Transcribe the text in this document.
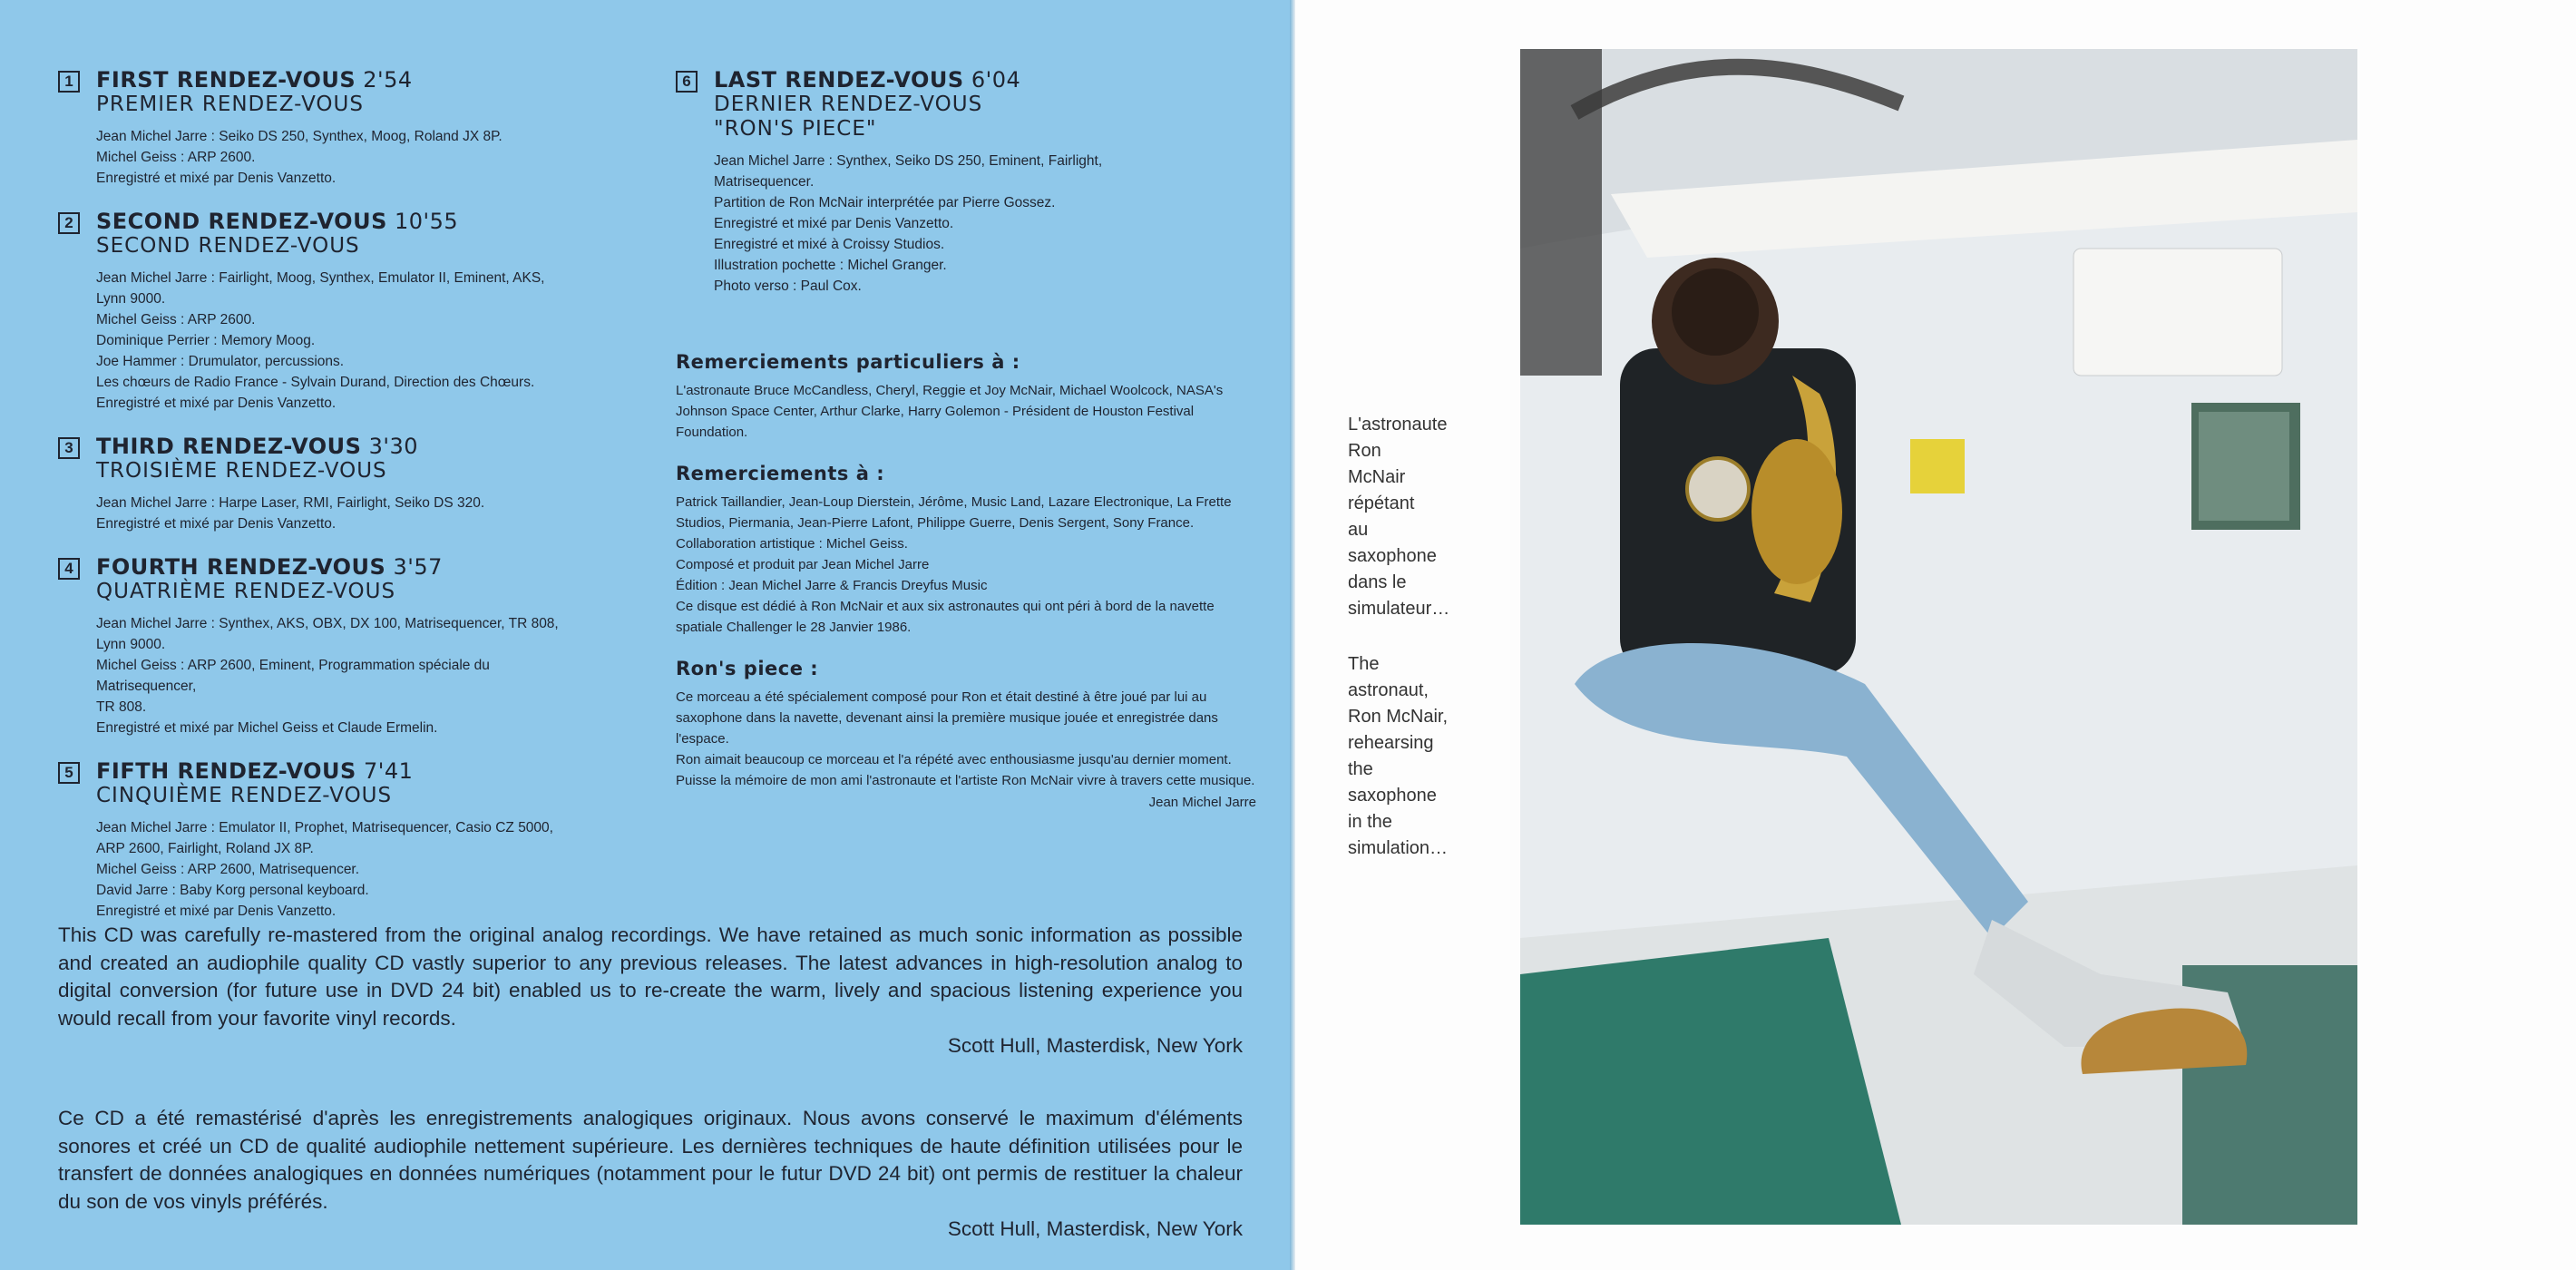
1	FIRST RENDEZ-VOUS 2'54
PREMIER RENDEZ-VOUS
Jean Michel Jarre : Seiko DS 250, Synthex, Moog, Roland JX 8P.
Michel Geiss : ARP 2600.
Enregistré et mixé par Denis Vanzetto.
2	SECOND RENDEZ-VOUS 10'55
SECOND RENDEZ-VOUS
Jean Michel Jarre : Fairlight, Moog, Synthex, Emulator II, Eminent, AKS,
Lynn 9000.
Michel Geiss : ARP 2600.
Dominique Perrier : Memory Moog.
Joe Hammer : Drumulator, percussions.
Les chœurs de Radio France - Sylvain Durand, Direction des Chœurs.
Enregistré et mixé par Denis Vanzetto.
3	THIRD RENDEZ-VOUS 3'30
TROISIÈME RENDEZ-VOUS
Jean Michel Jarre : Harpe Laser, RMI, Fairlight, Seiko DS 320.
Enregistré et mixé par Denis Vanzetto.
4	FOURTH RENDEZ-VOUS 3'57
QUATRIÈME RENDEZ-VOUS
Jean Michel Jarre : Synthex, AKS, OBX, DX 100, Matrisequencer, TR 808,
Lynn 9000.
Michel Geiss : ARP 2600, Eminent, Programmation spéciale du
Matrisequencer,
TR 808.
Enregistré et mixé par Michel Geiss et Claude Ermelin.
5	FIFTH RENDEZ-VOUS 7'41
CINQUIÈME RENDEZ-VOUS
Jean Michel Jarre : Emulator II, Prophet, Matrisequencer, Casio CZ 5000,
ARP 2600, Fairlight, Roland JX 8P.
Michel Geiss : ARP 2600, Matrisequencer.
David Jarre : Baby Korg personal keyboard.
Enregistré et mixé par Denis Vanzetto.
6	LAST RENDEZ-VOUS 6'04
DERNIER RENDEZ-VOUS
"RON'S PIECE"
Jean Michel Jarre : Synthex, Seiko DS 250, Eminent, Fairlight,
Matrisequencer.
Partition de Ron McNair interprétée par Pierre Gossez.
Enregistré et mixé par Denis Vanzetto.
Enregistré et mixé à Croissy Studios.
Illustration pochette : Michel Granger.
Photo verso : Paul Cox.
Remerciements particuliers à :
L'astronaute Bruce McCandless, Cheryl, Reggie et Joy McNair, Michael Woolcock, NASA's Johnson Space Center, Arthur Clarke, Harry Golemon - Président de Houston Festival Foundation.
Remerciements à :
Patrick Taillandier, Jean-Loup Dierstein, Jérôme, Music Land, Lazare Electronique, La Frette Studios, Piermania, Jean-Pierre Lafont, Philippe Guerre, Denis Sergent, Sony France.
Collaboration artistique : Michel Geiss.
Composé et produit par Jean Michel Jarre
Édition : Jean Michel Jarre & Francis Dreyfus Music
Ce disque est dédié à Ron McNair et aux six astronautes qui ont péri à bord de la navette spatiale Challenger le 28 Janvier 1986.
Ron's piece :
Ce morceau a été spécialement composé pour Ron et était destiné à être joué par lui au saxophone dans la navette, devenant ainsi la première musique jouée et enregistrée dans l'espace.
Ron aimait beaucoup ce morceau et l'a répété avec enthousiasme jusqu'au dernier moment.
Puisse la mémoire de mon ami l'astronaute et l'artiste Ron McNair vivre à travers cette musique.
Jean Michel Jarre
This CD was carefully re-mastered from the original analog recordings. We have retained as much sonic information as possible and created an audiophile quality CD vastly superior to any previous releases. The latest advances in high-resolution analog to digital conversion (for future use in DVD 24 bit) enabled us to re-create the warm, lively and spacious listening experience you would recall from your favorite vinyl records.
Scott Hull, Masterdisk, New York
Ce CD a été remastérisé d'après les enregistrements analogiques originaux. Nous avons conservé le maximum d'éléments sonores et créé un CD de qualité audiophile nettement supérieure. Les dernières techniques de haute définition utilisées pour le transfert de données analogiques en données numériques (notamment pour le futur DVD 24 bit) ont permis de restituer la chaleur du son de vos vinyls préférés.
Scott Hull, Masterdisk, New York
L'astronaute
Ron
McNair
répétant
au
saxophone
dans le
simulateur…
The
astronaut,
Ron McNair,
rehearsing
the
saxophone
in the
simulation…
